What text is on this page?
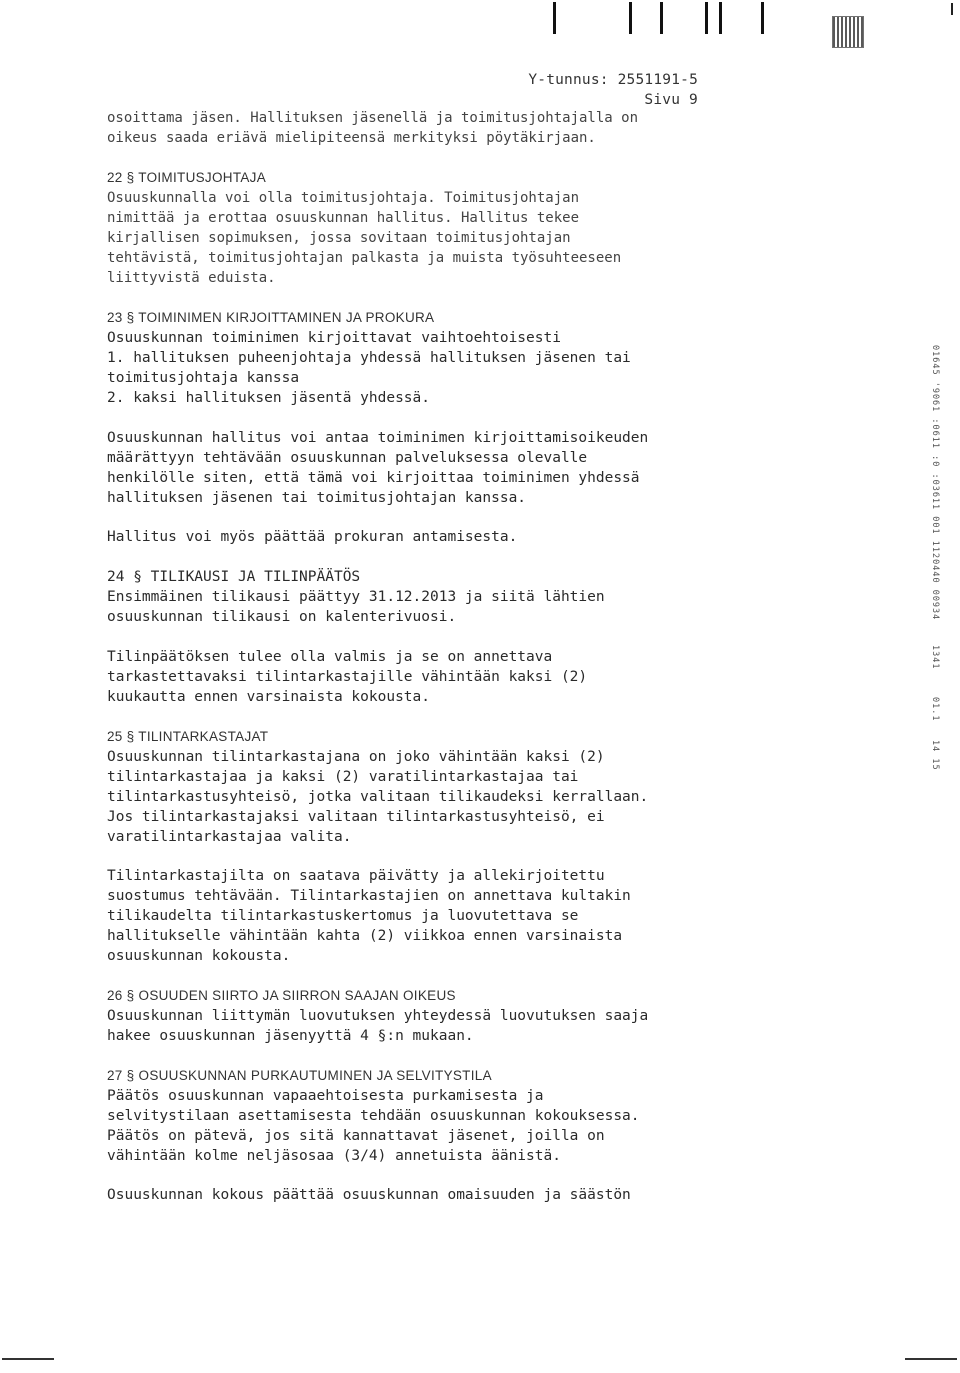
Y-tunnus: 2551191-5
Sivu 9
osoittama jäsen. Hallituksen jäsenellä ja toimitusjohtajalla on
oikeus saada eriävä mielipiteensä merkityksi pöytäkirjaan.
22 § TOIMITUSJOHTAJA
Osuuskunnalla voi olla toimitusjohtaja. Toimitusjohtajan
nimittää ja erottaa osuuskunnan hallitus. Hallitus tekee
kirjallisen sopimuksen, jossa sovitaan toimitusjohtajan
tehtävistä, toimitusjohtajan palkasta ja muista työsuhteeseen
liittyvistä eduista.
23 § TOIMINIMEN KIRJOITTAMINEN JA PROKURA
Osuuskunnan toiminimen kirjoittavat vaihtoehtoisesti
1. hallituksen puheenjohtaja yhdessä hallituksen jäsenen tai
toimitusjohtaja kanssa
2. kaksi hallituksen jäsentä yhdessä.
Osuuskunnan hallitus voi antaa toiminimen kirjoittamisoikeuden
määrättyyn tehtävään osuuskunnan palveluksessa olevalle
henkilölle siten, että tämä voi kirjoittaa toiminimen yhdessä
hallituksen jäsenen tai toimitusjohtajan kanssa.
Hallitus voi myös päättää prokuran antamisesta.
24 § TILIKAUSI JA TILINPÄÄTÖS
Ensimmäinen tilikausi päättyy 31.12.2013 ja siitä lähtien
osuuskunnan tilikausi on kalenterivuosi.
Tilinpäätöksen tulee olla valmis ja se on annettava
tarkastettavaksi tilintarkastajille vähintään kaksi (2)
kuukautta ennen varsinaista kokousta.
25 § TILINTARKASTAJAT
Osuuskunnan tilintarkastajana on joko vähintään kaksi (2)
tilintarkastajaa ja kaksi (2) varatilintarkastajaa tai
tilintarkastusyhteisö, jotka valitaan tilikaudeksi kerrallaan.
Jos tilintarkastajaksi valitaan tilintarkastusyhteisö, ei
varatilintarkastajaa valita.
Tilintarkastajilta on saatava päivätty ja allekirjoitettu
suostumus tehtävään. Tilintarkastajien on annettava kultakin
tilikaudelta tilintarkastuskertomus ja luovutettava se
hallitukselle vähintään kahta (2) viikkoa ennen varsinaista
osuuskunnan kokousta.
26 § OSUUDEN SIIRTO JA SIIRRON SAAJAN OIKEUS
Osuuskunnan liittymän luovutuksen yhteydessä luovutuksen saaja
hakee osuuskunnan jäsenyyttä 4 §:n mukaan.
27 § OSUUSKUNNAN PURKAUTUMINEN JA SELVITYSTILA
Päätös osuuskunnan vapaaehtoisesta purkamisesta ja
selvitystilaan asettamisesta tehdään osuuskunnan kokouksessa.
Päätös on pätevä, jos sitä kannattavat jäsenet, joilla on
vähintään kolme neljäsosaa (3/4) annetuista äänistä.
Osuuskunnan kokous päättää osuuskunnan omaisuuden ja säästön
01645 '9061 :0611 :0 :03611 001 1120440 00934
1341
01.1
14 15
